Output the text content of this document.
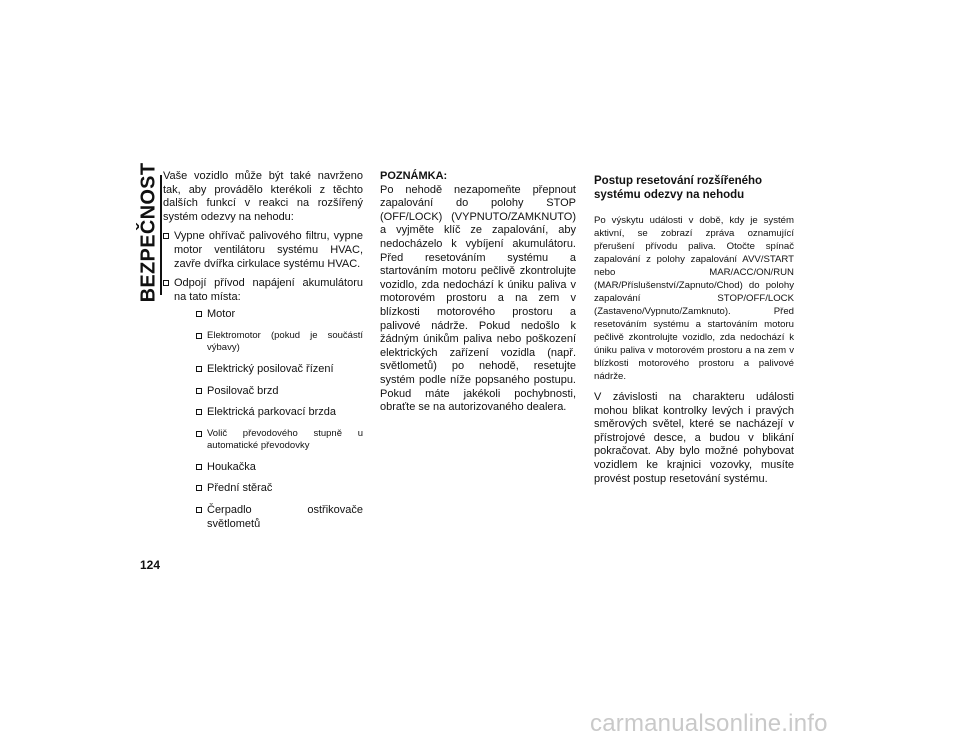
BEZPEČNOST Vaše vozidlo může být také navrženo tak, aby provádělo kterékoli z těchto dalších funkcí v reakci na rozšířený systém odezvy na nehodu:

Vypne ohřívač palivového filtru, vypne motor ventilátoru systému HVAC, zavře dvířka cirkulace systému HVAC.
Odpojí přívod napájení akumulátoru na tato místa:
Motor
Elektromotor (pokud je součástí výbavy)
Elektrický posilovač řízení
Posilovač brzd
Elektrická parkovací brzda
Volič převodového stupně u automatické převodovky
Houkačka
Přední stěrač
Čerpadlo ostřikovače světlometů

POZNÁMKA:

Po nehodě nezapomeňte přepnout zapalování do polohy STOP (OFF/LOCK) (VYPNUTO/ZAMKNUTO) a vyjměte klíč ze zapalování, aby nedocházelo k vybíjení akumulátoru. Před resetováním systému a startováním motoru pečlivě zkontrolujte vozidlo, zda nedochází k úniku paliva v motorovém prostoru a na zem v blízkosti motorového prostoru a palivové nádrže. Pokud nedošlo k žádným únikům paliva nebo poškození elektrických zařízení vozidla (např. světlometů) po nehodě, resetujte systém podle níže popsaného postupu. Pokud máte jakékoli pochybnosti, obraťte se na autorizovaného dealera.

Postup resetování rozšířeného systému odezvy na nehodu

Po výskytu události v době, kdy je systém aktivní, se zobrazí zpráva oznamující přerušení přívodu paliva. Otočte spínač zapalování z polohy zapalování AVV/START nebo MAR/ACC/ON/RUN (MAR/Příslušenství/Zapnuto/Chod) do polohy zapalování STOP/OFF/LOCK (Zastaveno/Vypnuto/Zamknuto). Před resetováním systému a startováním motoru pečlivě zkontrolujte vozidlo, zda nedochází k úniku paliva v motorovém prostoru a na zem v blízkosti motorového prostoru a palivové nádrže.

V závislosti na charakteru události mohou blikat kontrolky levých i pravých směrových světel, které se nacházejí v přístrojové desce, a budou v blikání pokračovat. Aby bylo možné pohybovat vozidlem ke krajnici vozovky, musíte provést postup resetování systému.

124
carmanualsonline.info
